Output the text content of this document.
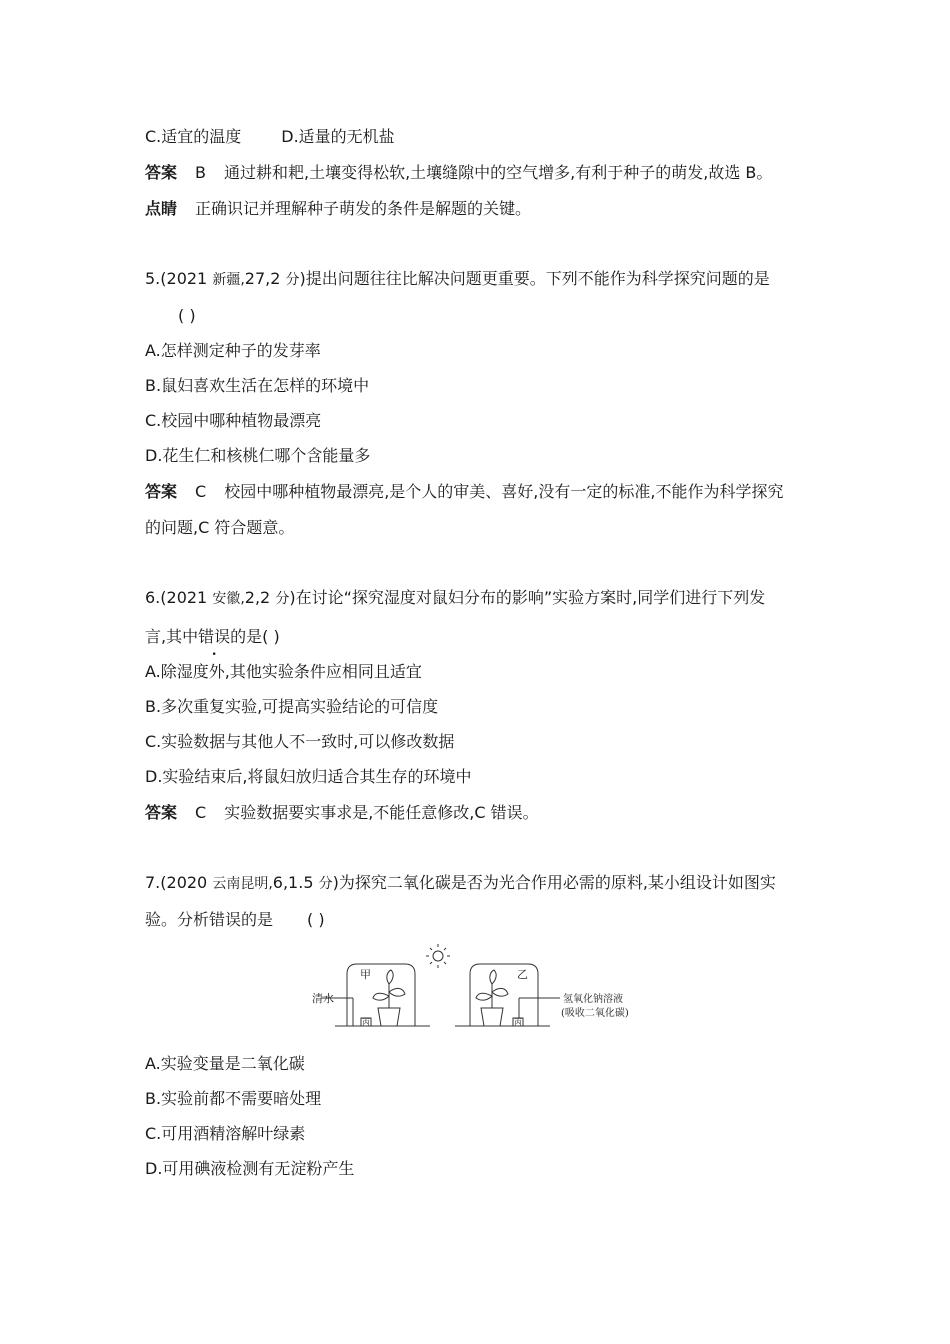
C.适宜的温度	D.适量的无机盐
答案 B 通过耕和耙,土壤变得松软,土壤缝隙中的空气增多,有利于种子的萌发,故选 B。
点睛 正确识记并理解种子萌发的条件是解题的关键。
5.(2021 新疆,27,2 分)提出问题往往比解决问题更重要。下列不能作为科学探究问题的是
( )
A.怎样测定种子的发芽率
B.鼠妇喜欢生活在怎样的环境中
C.校园中哪种植物最漂亮
D.花生仁和核桃仁哪个含能量多
答案 C 校园中哪种植物最漂亮,是个人的审美、喜好,没有一定的标准,不能作为科学探究
的问题,C 符合题意。
6.(2021 安徽,2,2 分)在讨论“探究湿度对鼠妇分布的影响”实验方案时,同学们进行下列发
言,其中错误的是( )
A.除湿度外,其他实验条件应相同且适宜
B.多次重复实验,可提高实验结论的可信度
C.实验数据与其他人不一致时,可以修改数据
D.实验结束后,将鼠妇放归适合其生存的环境中
答案 C 实验数据要实事求是,不能任意修改,C 错误。
7.(2020 云南昆明,6,1.5 分)为探究二氧化碳是否为光合作用必需的原料,某小组设计如图实
验。分析错误的是 ( )
甲
丙
清水
乙
丙
氢氧化钠溶液
(吸收二氧化碳)
A.实验变量是二氧化碳
B.实验前都不需要暗处理
C.可用酒精溶解叶绿素
D.可用碘液检测有无淀粉产生
